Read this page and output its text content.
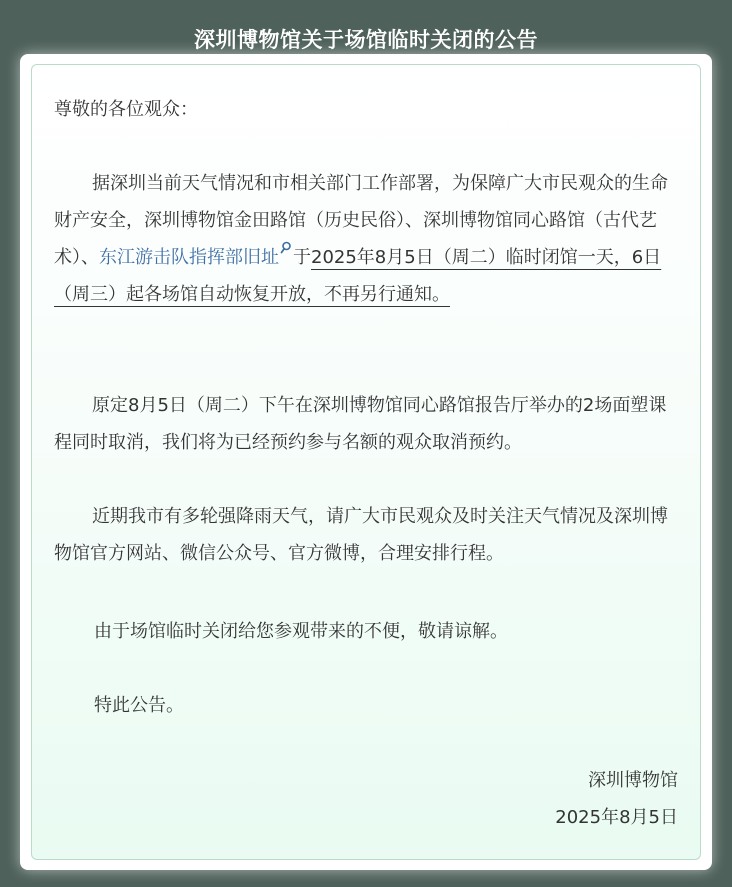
深圳博物馆关于场馆临时关闭的公告
尊敬的各位观众：
据深圳当前天气情况和市相关部门工作部署，为保障广大市民观众的生命财产安全，深圳博物馆金田路馆（历史民俗）、深圳博物馆同心路馆（古代艺术）、东江游击队指挥部旧址 于2025年8月5日（周二）临时闭馆一天，6日（周三）起各场馆自动恢复开放，不再另行通知。
原定8月5日（周二）下午在深圳博物馆同心路馆报告厅举办的2场面塑课程同时取消，我们将为已经预约参与名额的观众取消预约。
近期我市有多轮强降雨天气，请广大市民观众及时关注天气情况及深圳博物馆官方网站、微信公众号、官方微博，合理安排行程。
由于场馆临时关闭给您参观带来的不便，敬请谅解。
特此公告。
深圳博物馆
2025年8月5日
